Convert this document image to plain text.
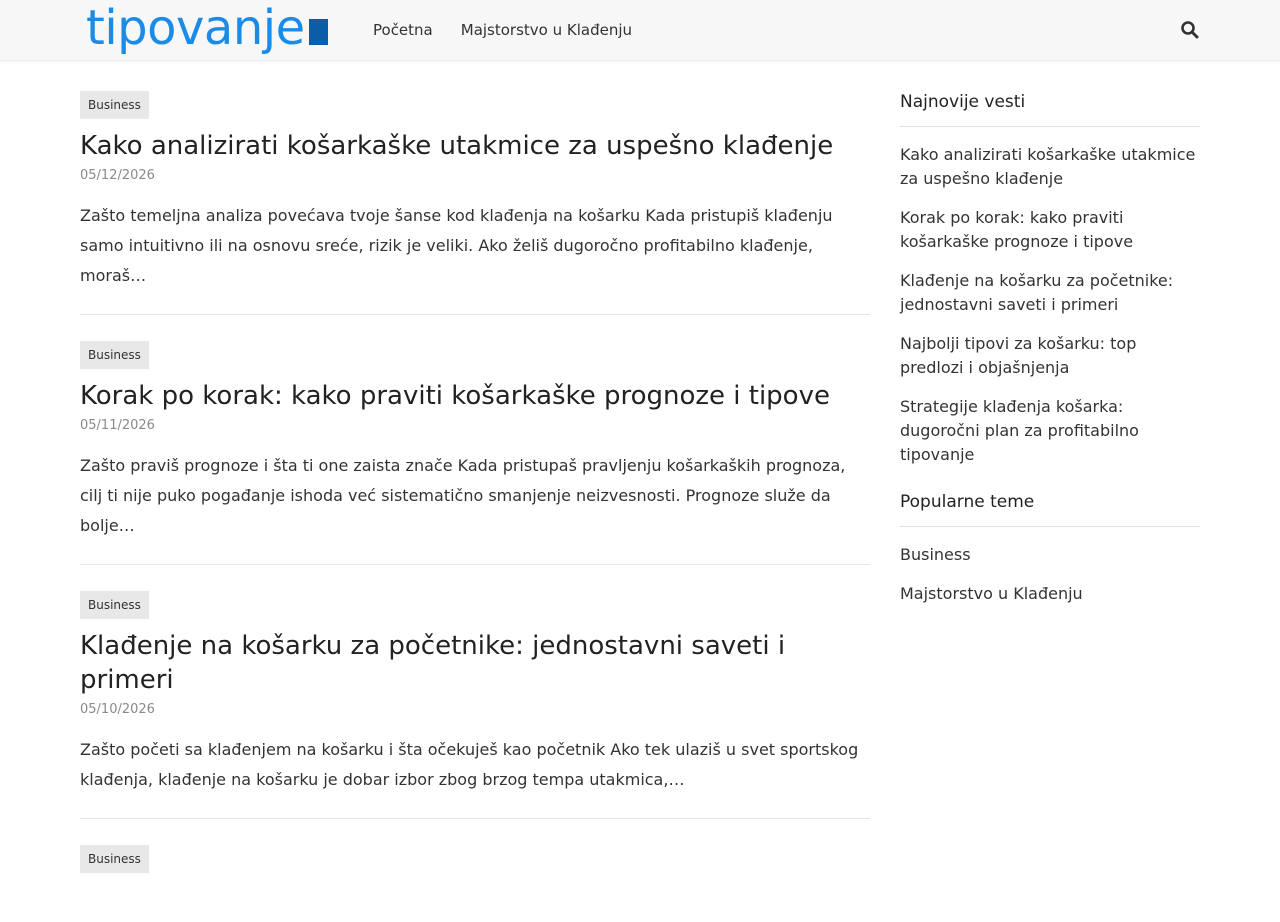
tipovanje	Početna Majstorstvo u Klađenju
Business
Kako analizirati košarkaške utakmice za uspešno klađenje
05/12/2026
Zašto temeljna analiza povećava tvoje šanse kod klađenja na košarku Kada pristupiš klađenju samo intuitivno ili na osnovu sreće, rizik je veliki. Ako želiš dugoročno profitabilno klađenje, moraš…
Business
Korak po korak: kako praviti košarkaške prognoze i tipove
05/11/2026
Zašto praviš prognoze i šta ti one zaista znače Kada pristupaš pravljenju košarkaških prognoza, cilj ti nije puko pogađanje ishoda već sistematično smanjenje neizvesnosti. Prognoze služe da bolje…
Business
Klađenje na košarku za početnike: jednostavni saveti i primeri
05/10/2026
Zašto početi sa klađenjem na košarku i šta očekuješ kao početnik Ako tek ulaziš u svet sportskog klađenja, klađenje na košarku je dobar izbor zbog brzog tempa utakmica,…
Business
Najnovije vesti
Kako analizirati košarkaške utakmice za uspešno klađenje
Korak po korak: kako praviti košarkaške prognoze i tipove
Klađenje na košarku za početnike: jednostavni saveti i primeri
Najbolji tipovi za košarku: top predlozi i objašnjenja
Strategije klađenja košarka: dugoročni plan za profitabilno tipovanje
Popularne teme
Business
Majstorstvo u Klađenju
